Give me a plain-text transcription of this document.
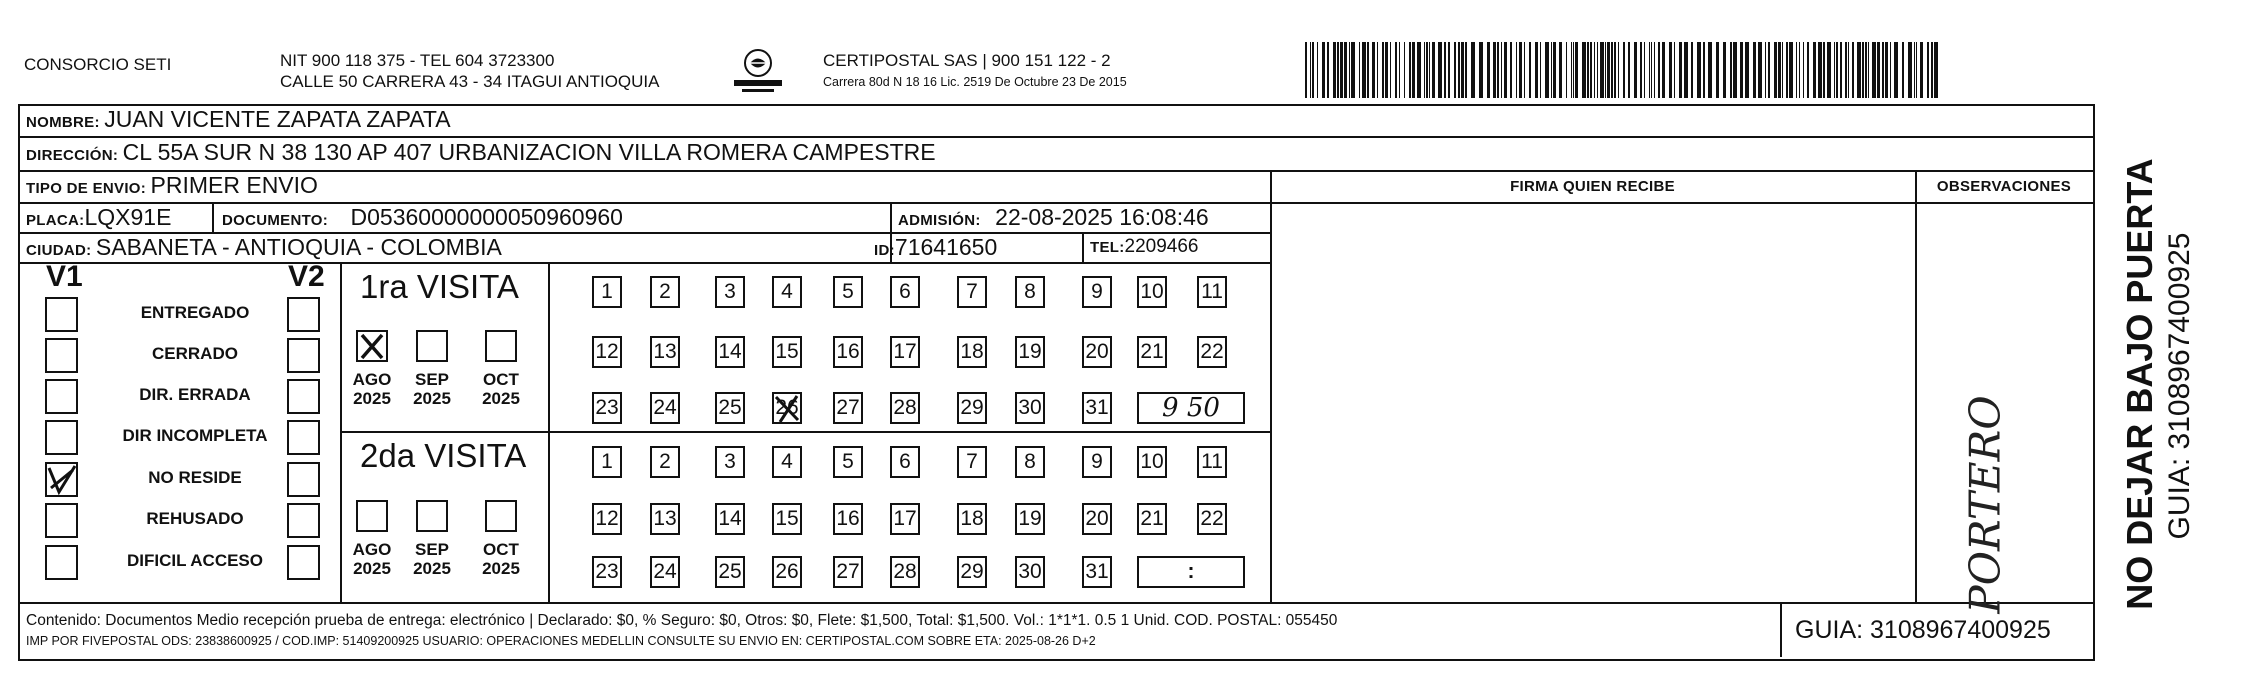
CONSORCIO SETI	NIT 900 118 375 - TEL 604 3723300
CALLE 50 CARRERA 43 - 34 ITAGUI ANTIOQUIA
CERTIPOSTAL SAS | 900 151 122 - 2
Carrera 80d N 18 16 Lic. 2519 De Octubre 23 De 2015
NOMBRE: JUAN VICENTE ZAPATA ZAPATA
DIRECCIÓN: CL 55A SUR N 38 130 AP 407 URBANIZACION VILLA ROMERA CAMPESTRE
TIPO DE ENVIO: PRIMER ENVIO	FIRMA QUIEN RECIBE	OBSERVACIONES
PLACA:LQX91E	DOCUMENTO: D05360000000050960960	ADMISIÓN: 22-08-2025 16:08:46
CIUDAD: SABANETA - ANTIOQUIA - COLOMBIA	ID:71641650	TEL:2209466
V1	V2
ENTREGADO
CERRADO
DIR. ERRADA
DIR INCOMPLETA
NO RESIDE
REHUSADO
DIFICIL ACCESO
1ra VISITA
2da VISITA
AGO
2025
SEP
2025
OCT
2025
AGO
2025
SEP
2025
OCT
2025
1	2	3	4	5	6	7	8	9	10 11
12 13 14 15 16 17 18 19 20 21 22
23 24 25 26 27 28 29 30 31	9 50
1	2	3	4	5	6	7	8	9	10 11
12 13 14 15 16 17 18 19 20 21 22
23 24 25 26 27 28 29 30 31	:	PORTERO	NO DEJAR BAJO PUERTA GUIA: 3108967400925
Contenido: Documentos Medio recepción prueba de entrega: electrónico | Declarado: $0, % Seguro: $0, Otros: $0, Flete: $1,500, Total: $1,500. Vol.: 1*1*1. 0.5 1 Unid. COD. POSTAL: 055450
IMP POR FIVEPOSTAL ODS: 23838600925 / COD.IMP: 51409200925 USUARIO: OPERACIONES MEDELLIN CONSULTE SU ENVIO EN: CERTIPOSTAL.COM SOBRE ETA: 2025-08-26 D+2	GUIA: 3108967400925
